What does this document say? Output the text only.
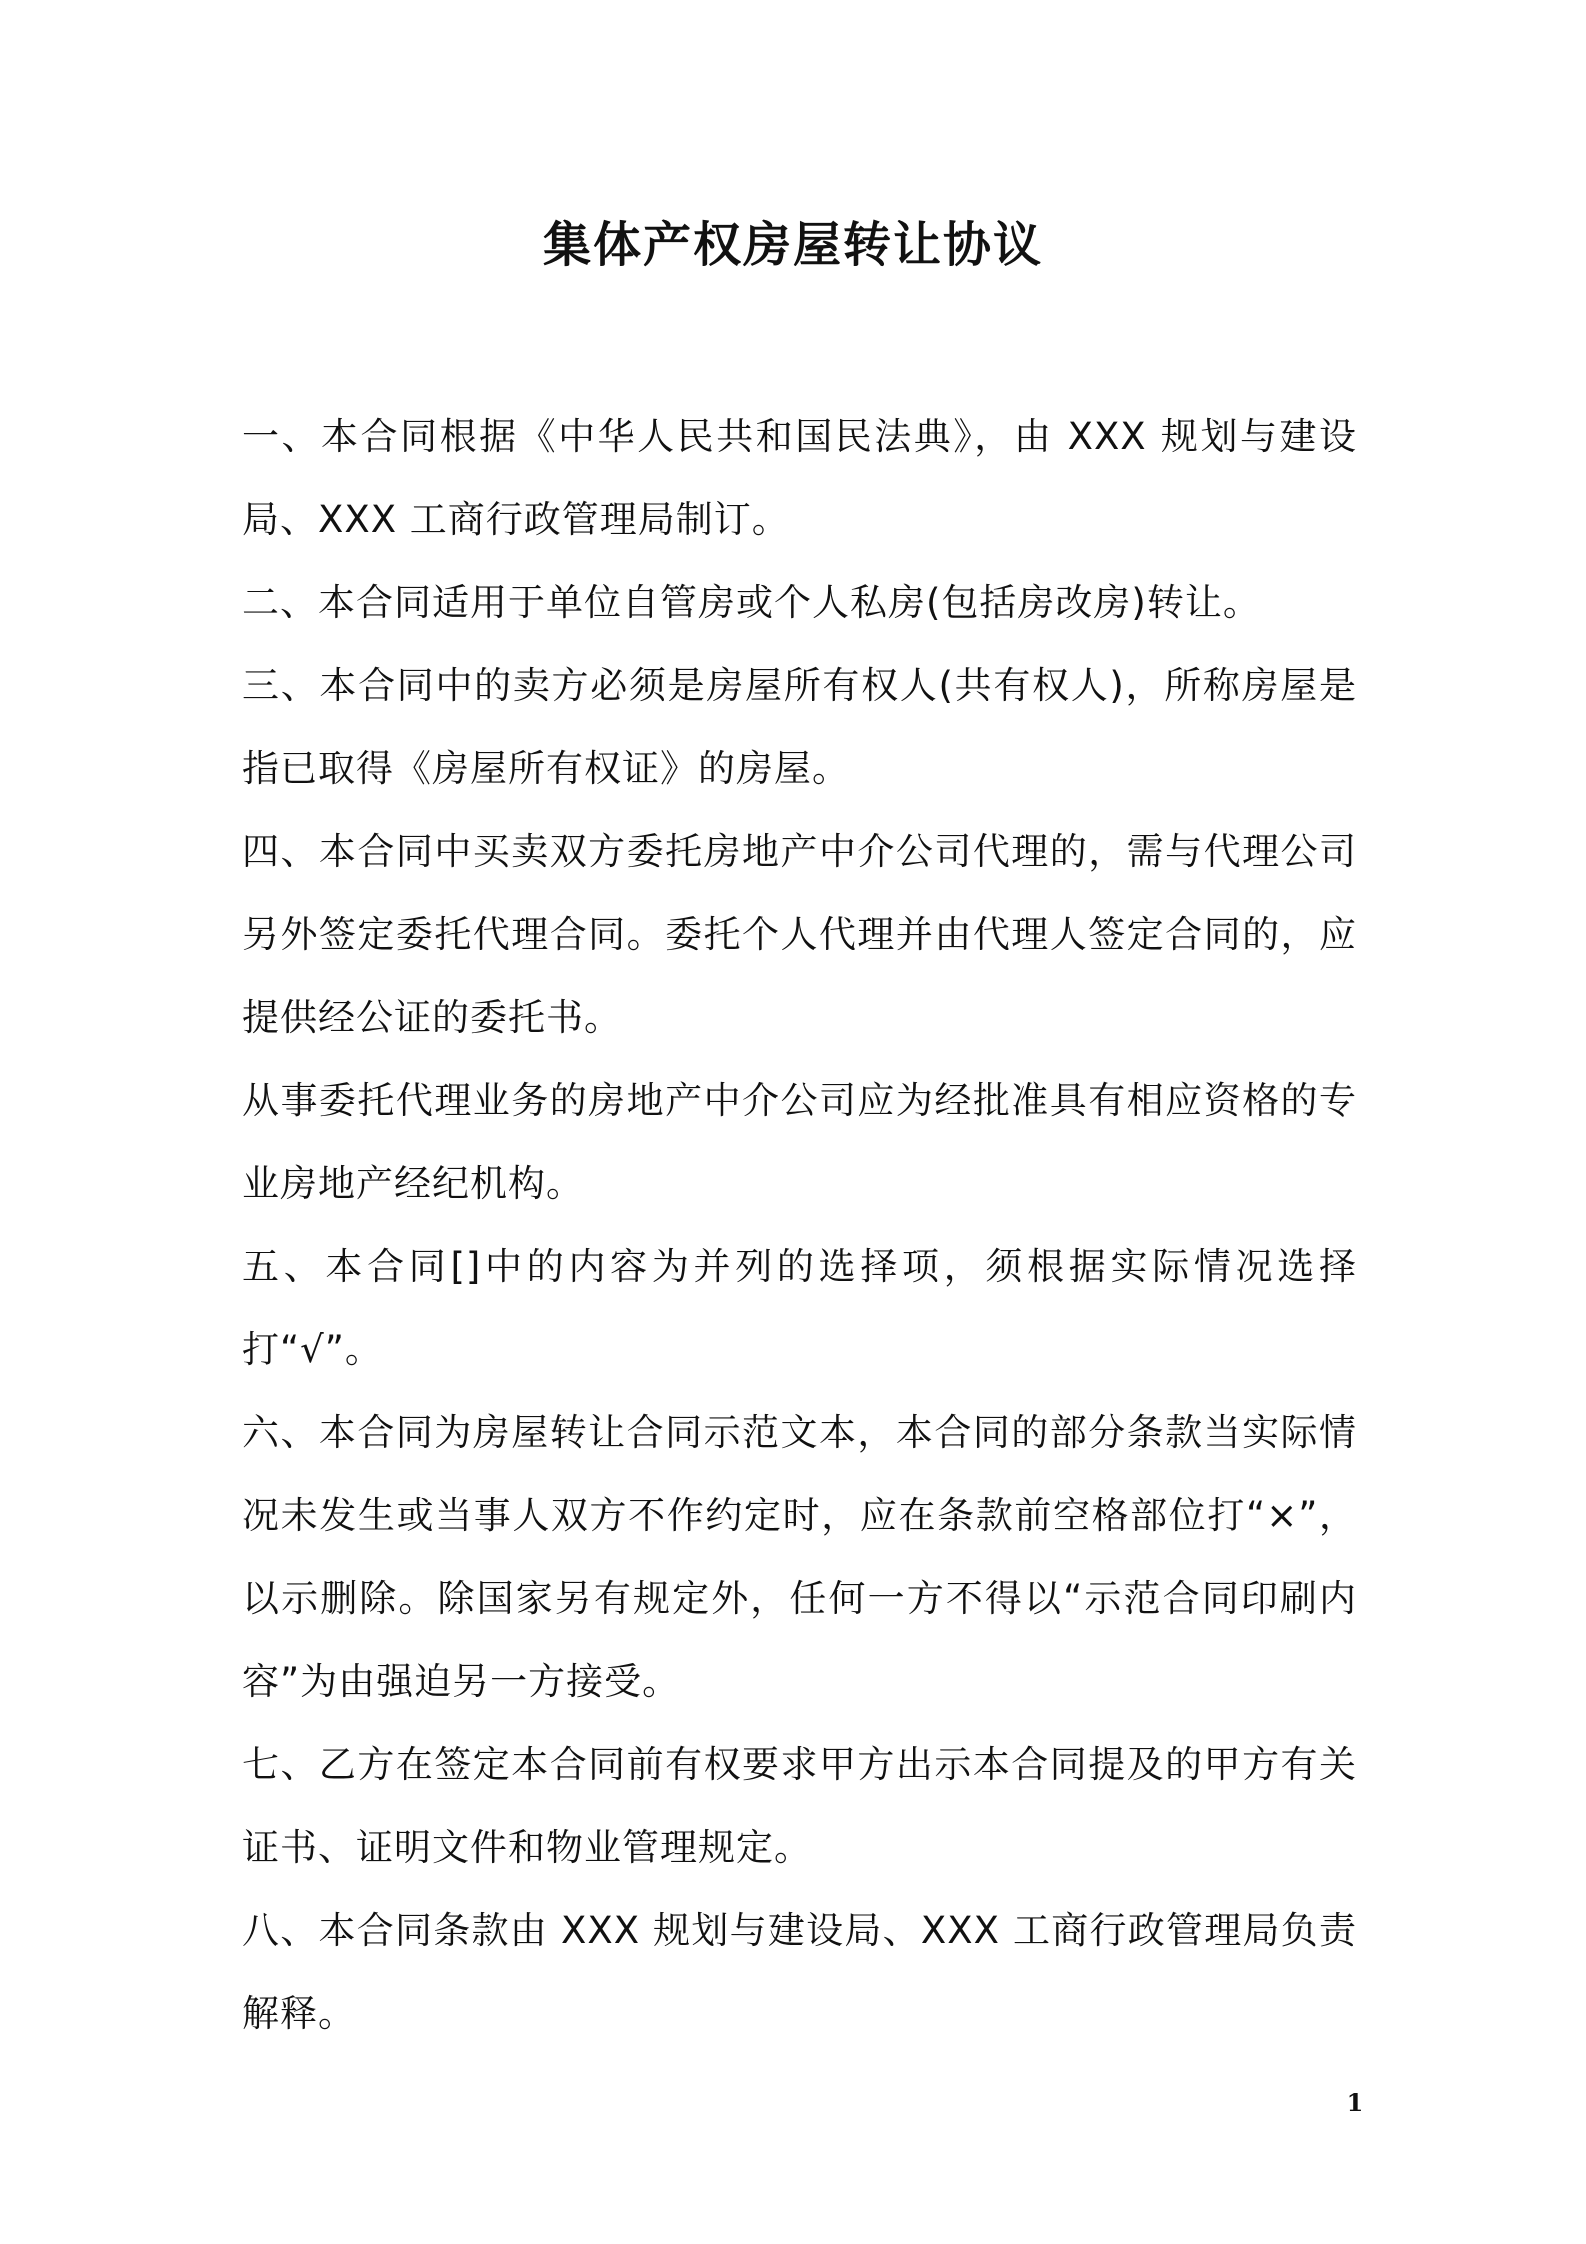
集体产权房屋转让协议

一、本合同根据《中华人民共和国民法典》，由 XXX 规划与建设局、XXX 工商行政管理局制订。

二、本合同适用于单位自管房或个人私房(包括房改房)转让。

三、本合同中的卖方必须是房屋所有权人(共有权人)，所称房屋是指已取得《房屋所有权证》的房屋。

四、本合同中买卖双方委托房地产中介公司代理的，需与代理公司另外签定委托代理合同。委托个人代理并由代理人签定合同的，应提供经公证的委托书。

从事委托代理业务的房地产中介公司应为经批准具有相应资格的专业房地产经纪机构。

五、本合同[]中的内容为并列的选择项，须根据实际情况选择打“√”。

六、本合同为房屋转让合同示范文本，本合同的部分条款当实际情况未发生或当事人双方不作约定时，应在条款前空格部位打“×”，以示删除。除国家另有规定外，任何一方不得以“示范合同印刷内容”为由强迫另一方接受。

七、乙方在签定本合同前有权要求甲方出示本合同提及的甲方有关证书、证明文件和物业管理规定。

八、本合同条款由 XXX 规划与建设局、XXX 工商行政管理局负责解释。

1
